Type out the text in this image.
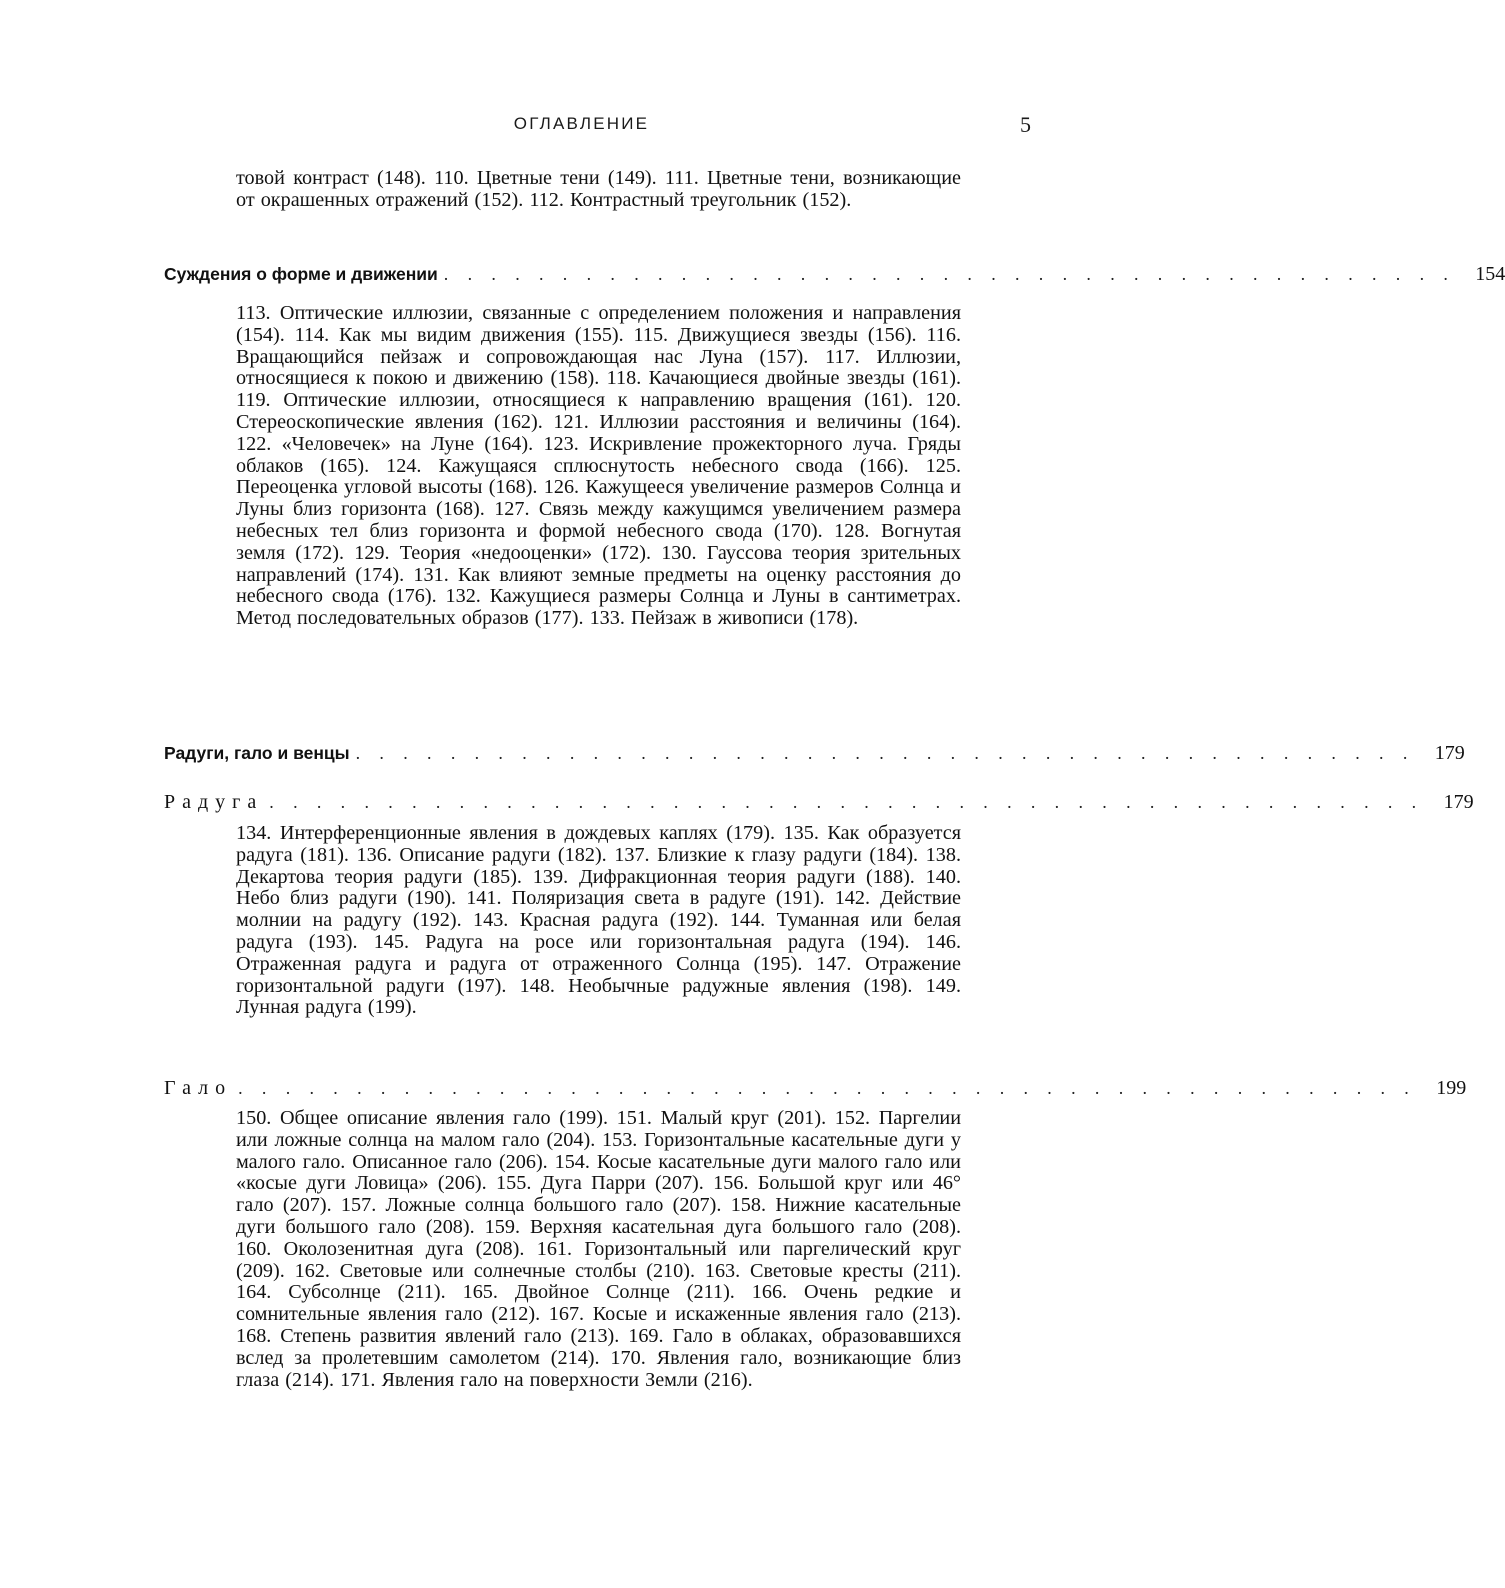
ОГЛАВЛЕНИЕ	5
товой контраст (148). 110. Цветные тени (149). 111. Цветные тени, возникающие от окрашенных отражений (152). 112. Контрастный треугольник (152).
Суждения о форме и движении . . . . . . . . . . . . . . . . . . . . . . . . . . . . . . . . . . . . . . . . . . .	154
113. Оптические иллюзии, связанные с определением положения и направления (154). 114. Как мы видим движения (155). 115. Движущиеся звезды (156). 116. Вращающийся пейзаж и сопровождающая нас Луна (157). 117. Иллюзии, относящиеся к покою и движению (158). 118. Качающиеся двойные звезды (161). 119. Оптические иллюзии, относящиеся к направлению вращения (161). 120. Стереоскопические явления (162). 121. Иллюзии расстояния и величины (164). 122. «Человечек» на Луне (164). 123. Искривление прожекторного луча. Гряды облаков (165). 124. Кажущаяся сплюснутость небесного свода (166). 125. Переоценка угловой высоты (168). 126. Кажущееся увеличение размеров Солнца и Луны близ горизонта (168). 127. Связь между кажущимся увеличением размера небесных тел близ горизонта и формой небесного свода (170). 128. Вогнутая земля (172). 129. Теория «недооценки» (172). 130. Гауссова теория зрительных направлений (174). 131. Как влияют земные предметы на оценку расстояния до небесного свода (176). 132. Кажущиеся размеры Солнца и Луны в сантиметрах. Метод последовательных образов (177). 133. Пейзаж в живописи (178).
Радуги, гало и венцы . . . . . . . . . . . . . . . . . . . . . . . . . . . . . . . . . . . . . . . . . . . . .	179
Радуга . . . . . . . . . . . . . . . . . . . . . . . . . . . . . . . . . . . . . . . . . . . . . . . . .	179
134. Интерференционные явления в дождевых каплях (179). 135. Как образуется радуга (181). 136. Описание радуги (182). 137. Близкие к глазу радуги (184). 138. Декартова теория радуги (185). 139. Дифракционная теория радуги (188). 140. Небо близ радуги (190). 141. Поляризация света в радуге (191). 142. Действие молнии на радугу (192). 143. Красная радуга (192). 144. Туманная или белая радуга (193). 145. Радуга на росе или горизонтальная радуга (194). 146. Отраженная радуга и радуга от отраженного Солнца (195). 147. Отражение горизонтальной радуги (197). 148. Необычные радужные явления (198). 149. Лунная радуга (199).
Гало . . . . . . . . . . . . . . . . . . . . . . . . . . . . . . . . . . . . . . . . . . . . . . . . . .	199
150. Общее описание явления гало (199). 151. Малый круг (201). 152. Паргелии или ложные солнца на малом гало (204). 153. Горизонтальные касательные дуги у малого гало. Описанное гало (206). 154. Косые касательные дуги малого гало или «косые дуги Ловица» (206). 155. Дуга Парри (207). 156. Большой круг или 46° гало (207). 157. Ложные солнца большого гало (207). 158. Нижние касательные дуги большого гало (208). 159. Верхняя касательная дуга большого гало (208). 160. Околозенитная дуга (208). 161. Горизонтальный или паргелический круг (209). 162. Световые или солнечные столбы (210). 163. Световые кресты (211). 164. Субсолнце (211). 165. Двойное Солнце (211). 166. Очень редкие и сомнительные явления гало (212). 167. Косые и искаженные явления гало (213). 168. Степень развития явлений гало (213). 169. Гало в облаках, образовавшихся вслед за пролетевшим самолетом (214). 170. Явления гало, возникающие близ глаза (214). 171. Явления гало на поверхности Земли (216).
